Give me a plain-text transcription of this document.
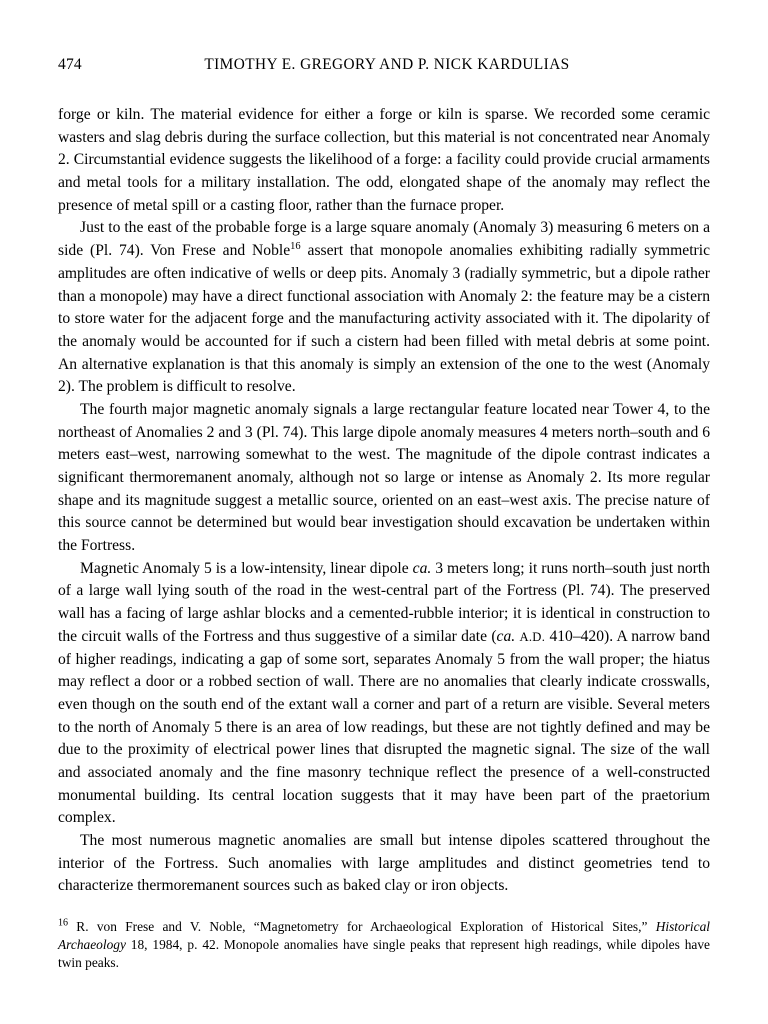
474	TIMOTHY E. GREGORY AND P. NICK KARDULIAS

forge or kiln. The material evidence for either a forge or kiln is sparse. We recorded some ceramic wasters and slag debris during the surface collection, but this material is not concentrated near Anomaly 2. Circumstantial evidence suggests the likelihood of a forge: a facility could provide crucial armaments and metal tools for a military installation. The odd, elongated shape of the anomaly may reflect the presence of metal spill or a casting floor, rather than the furnace proper.

Just to the east of the probable forge is a large square anomaly (Anomaly 3) measuring 6 meters on a side (Pl. 74). Von Frese and Noble$^{16}$ assert that monopole anomalies exhibiting radially symmetric amplitudes are often indicative of wells or deep pits. Anomaly 3 (radially symmetric, but a dipole rather than a monopole) may have a direct functional association with Anomaly 2: the feature may be a cistern to store water for the adjacent forge and the manufacturing activity associated with it. The dipolarity of the anomaly would be accounted for if such a cistern had been filled with metal debris at some point. An alternative explanation is that this anomaly is simply an extension of the one to the west (Anomaly 2). The problem is difficult to resolve.

The fourth major magnetic anomaly signals a large rectangular feature located near Tower 4, to the northeast of Anomalies 2 and 3 (Pl. 74). This large dipole anomaly measures 4 meters north–south and 6 meters east–west, narrowing somewhat to the west. The magnitude of the dipole contrast indicates a significant thermoremanent anomaly, although not so large or intense as Anomaly 2. Its more regular shape and its magnitude suggest a metallic source, oriented on an east–west axis. The precise nature of this source cannot be determined but would bear investigation should excavation be undertaken within the Fortress.

Magnetic Anomaly 5 is a low-intensity, linear dipole ca. 3 meters long; it runs north–south just north of a large wall lying south of the road in the west-central part of the Fortress (Pl. 74). The preserved wall has a facing of large ashlar blocks and a cemented-rubble interior; it is identical in construction to the circuit walls of the Fortress and thus suggestive of a similar date (ca. A.D. 410–420). A narrow band of higher readings, indicating a gap of some sort, separates Anomaly 5 from the wall proper; the hiatus may reflect a door or a robbed section of wall. There are no anomalies that clearly indicate crosswalls, even though on the south end of the extant wall a corner and part of a return are visible. Several meters to the north of Anomaly 5 there is an area of low readings, but these are not tightly defined and may be due to the proximity of electrical power lines that disrupted the magnetic signal. The size of the wall and associated anomaly and the fine masonry technique reflect the presence of a well-constructed monumental building. Its central location suggests that it may have been part of the praetorium complex.

The most numerous magnetic anomalies are small but intense dipoles scattered throughout the interior of the Fortress. Such anomalies with large amplitudes and distinct geometries tend to characterize thermoremanent sources such as baked clay or iron objects.

$^{16}$ R. von Frese and V. Noble, “Magnetometry for Archaeological Exploration of Historical Sites,” Historical Archaeology 18, 1984, p. 42. Monopole anomalies have single peaks that represent high readings, while dipoles have twin peaks.
